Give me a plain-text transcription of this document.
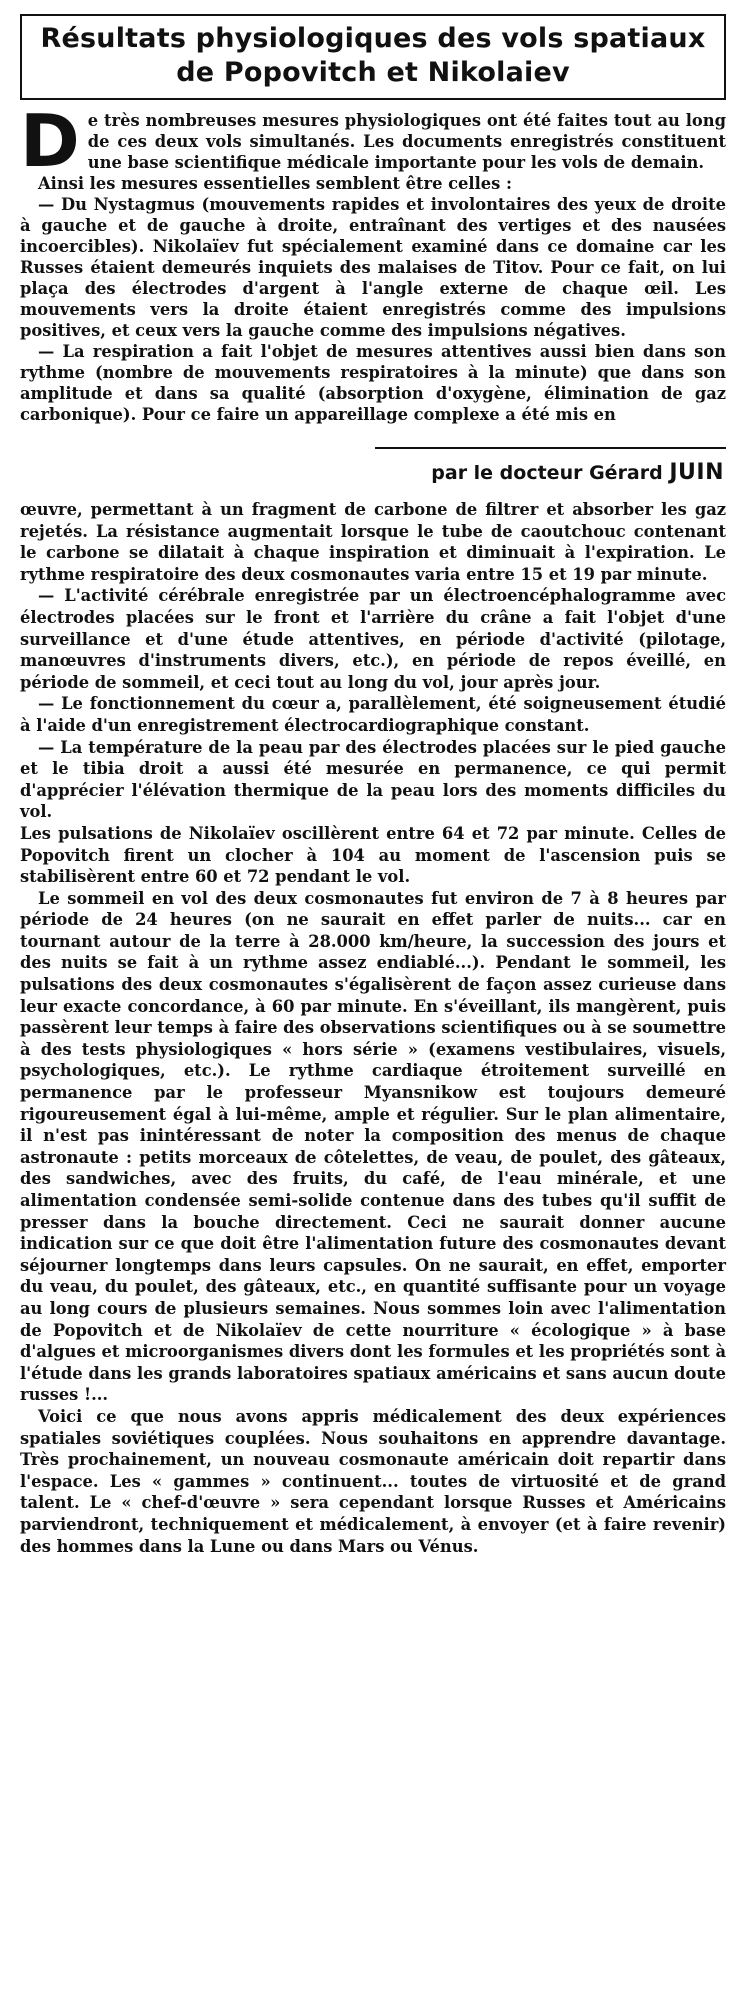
Résultats physiologiques des vols spatiaux
de Popovitch et Nikolaiev

De très nombreuses mesures physiologiques ont été faites tout au long de ces deux vols simultanés. Les documents enregistrés constituent une base scientifique médicale importante pour les vols de demain.

Ainsi les mesures essentielles semblent être celles :

— Du Nystagmus (mouvements rapides et involontaires des yeux de droite à gauche et de gauche à droite, entraînant des vertiges et des nausées incoercibles). Nikolaïev fut spécialement examiné dans ce domaine car les Russes étaient demeurés inquiets des malaises de Titov. Pour ce fait, on lui plaça des électrodes d'argent à l'angle externe de chaque œil. Les mouvements vers la droite étaient enregistrés comme des impulsions positives, et ceux vers la gauche comme des impulsions négatives.

— La respiration a fait l'objet de mesures attentives aussi bien dans son rythme (nombre de mouvements respiratoires à la minute) que dans son amplitude et dans sa qualité (absorption d'oxygène, élimination de gaz carbonique). Pour ce faire un appareillage complexe a été mis en

par le docteur Gérard JUIN

œuvre, permettant à un fragment de carbone de filtrer et absorber les gaz rejetés. La résistance augmentait lorsque le tube de caoutchouc contenant le carbone se dilatait à chaque inspiration et diminuait à l'expiration. Le rythme respiratoire des deux cosmonautes varia entre 15 et 19 par minute.

— L'activité cérébrale enregistrée par un électroencéphalogramme avec électrodes placées sur le front et l'arrière du crâne a fait l'objet d'une surveillance et d'une étude attentives, en période d'activité (pilotage, manœuvres d'instruments divers, etc.), en période de repos éveillé, en période de sommeil, et ceci tout au long du vol, jour après jour.

— Le fonctionnement du cœur a, parallèlement, été soigneusement étudié à l'aide d'un enregistrement électrocardiographique constant.

— La température de la peau par des électrodes placées sur le pied gauche et le tibia droit a aussi été mesurée en permanence, ce qui permit d'apprécier l'élévation thermique de la peau lors des moments difficiles du vol.

Les pulsations de Nikolaïev oscillèrent entre 64 et 72 par minute. Celles de Popovitch firent un clocher à 104 au moment de l'ascension puis se stabilisèrent entre 60 et 72 pendant le vol.

Le sommeil en vol des deux cosmonautes fut environ de 7 à 8 heures par période de 24 heures (on ne saurait en effet parler de nuits... car en tournant autour de la terre à 28.000 km/heure, la succession des jours et des nuits se fait à un rythme assez endiablé...). Pendant le sommeil, les pulsations des deux cosmonautes s'égalisèrent de façon assez curieuse dans leur exacte concordance, à 60 par minute. En s'éveillant, ils mangèrent, puis passèrent leur temps à faire des observations scientifiques ou à se soumettre à des tests physiologiques « hors série » (examens vestibulaires, visuels, psychologiques, etc.). Le rythme cardiaque étroitement surveillé en permanence par le professeur Myansnikow est toujours demeuré rigoureusement égal à lui-même, ample et régulier. Sur le plan alimentaire, il n'est pas inintéressant de noter la composition des menus de chaque astronaute : petits morceaux de côtelettes, de veau, de poulet, des gâteaux, des sandwiches, avec des fruits, du café, de l'eau minérale, et une alimentation condensée semi-solide contenue dans des tubes qu'il suffit de presser dans la bouche directement. Ceci ne saurait donner aucune indication sur ce que doit être l'alimentation future des cosmonautes devant séjourner longtemps dans leurs capsules. On ne saurait, en effet, emporter du veau, du poulet, des gâteaux, etc., en quantité suffisante pour un voyage au long cours de plusieurs semaines. Nous sommes loin avec l'alimentation de Popovitch et de Nikolaïev de cette nourriture « écologique » à base d'algues et microorganismes divers dont les formules et les propriétés sont à l'étude dans les grands laboratoires spatiaux américains et sans aucun doute russes !...

Voici ce que nous avons appris médicalement des deux expériences spatiales soviétiques couplées. Nous souhaitons en apprendre davantage. Très prochainement, un nouveau cosmonaute américain doit repartir dans l'espace. Les « gammes » continuent... toutes de virtuosité et de grand talent. Le « chef-d'œuvre » sera cependant lorsque Russes et Américains parviendront, techniquement et médicalement, à envoyer (et à faire revenir) des hommes dans la Lune ou dans Mars ou Vénus.
